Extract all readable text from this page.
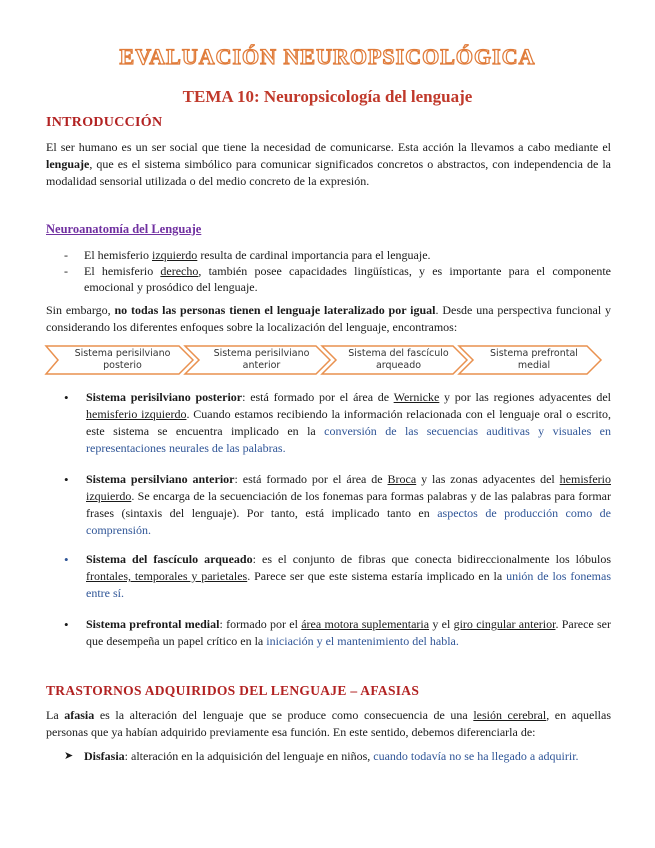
EVALUACIÓN NEUROPSICOLÓGICA
TEMA 10: Neuropsicología del lenguaje
INTRODUCCIÓN
El ser humano es un ser social que tiene la necesidad de comunicarse. Esta acción la llevamos a cabo mediante el lenguaje, que es el sistema simbólico para comunicar significados concretos o abstractos, con independencia de la modalidad sensorial utilizada o del medio concreto de la expresión.
Neuroanatomía del Lenguaje
- El hemisferio izquierdo resulta de cardinal importancia para el lenguaje.
- El hemisferio derecho, también posee capacidades lingüísticas, y es importante para el componente emocional y prosódico del lenguaje.
Sin embargo, no todas las personas tienen el lenguaje lateralizado por igual. Desde una perspectiva funcional y considerando los diferentes enfoques sobre la localización del lenguaje, encontramos:
Sistema perisilviano
posterio
Sistema perisilviano
anterior
Sistema del fascículo
arqueado
Sistema prefrontal
medial
• Sistema perisilviano posterior: está formado por el área de Wernicke y por las regiones adyacentes del hemisferio izquierdo. Cuando estamos recibiendo la información relacionada con el lenguaje oral o escrito, este sistema se encuentra implicado en la conversión de las secuencias auditivas y visuales en representaciones neurales de las palabras.
• Sistema persilviano anterior: está formado por el área de Broca y las zonas adyacentes del hemisferio izquierdo. Se encarga de la secuenciación de los fonemas para formas palabras y de las palabras para formar frases (sintaxis del lenguaje). Por tanto, está implicado tanto en aspectos de producción como de comprensión.
• Sistema del fascículo arqueado: es el conjunto de fibras que conecta bidireccionalmente los lóbulos frontales, temporales y parietales. Parece ser que este sistema estaría implicado en la unión de los fonemas entre sí.
• Sistema prefrontal medial: formado por el área motora suplementaria y el giro cingular anterior. Parece ser que desempeña un papel crítico en la iniciación y el mantenimiento del habla.
TRASTORNOS ADQUIRIDOS DEL LENGUAJE – AFASIAS
La afasia es la alteración del lenguaje que se produce como consecuencia de una lesión cerebral, en aquellas personas que ya habían adquirido previamente esa función. En este sentido, debemos diferenciarla de:
➤ Disfasia: alteración en la adquisición del lenguaje en niños, cuando todavía no se ha llegado a adquirir.
